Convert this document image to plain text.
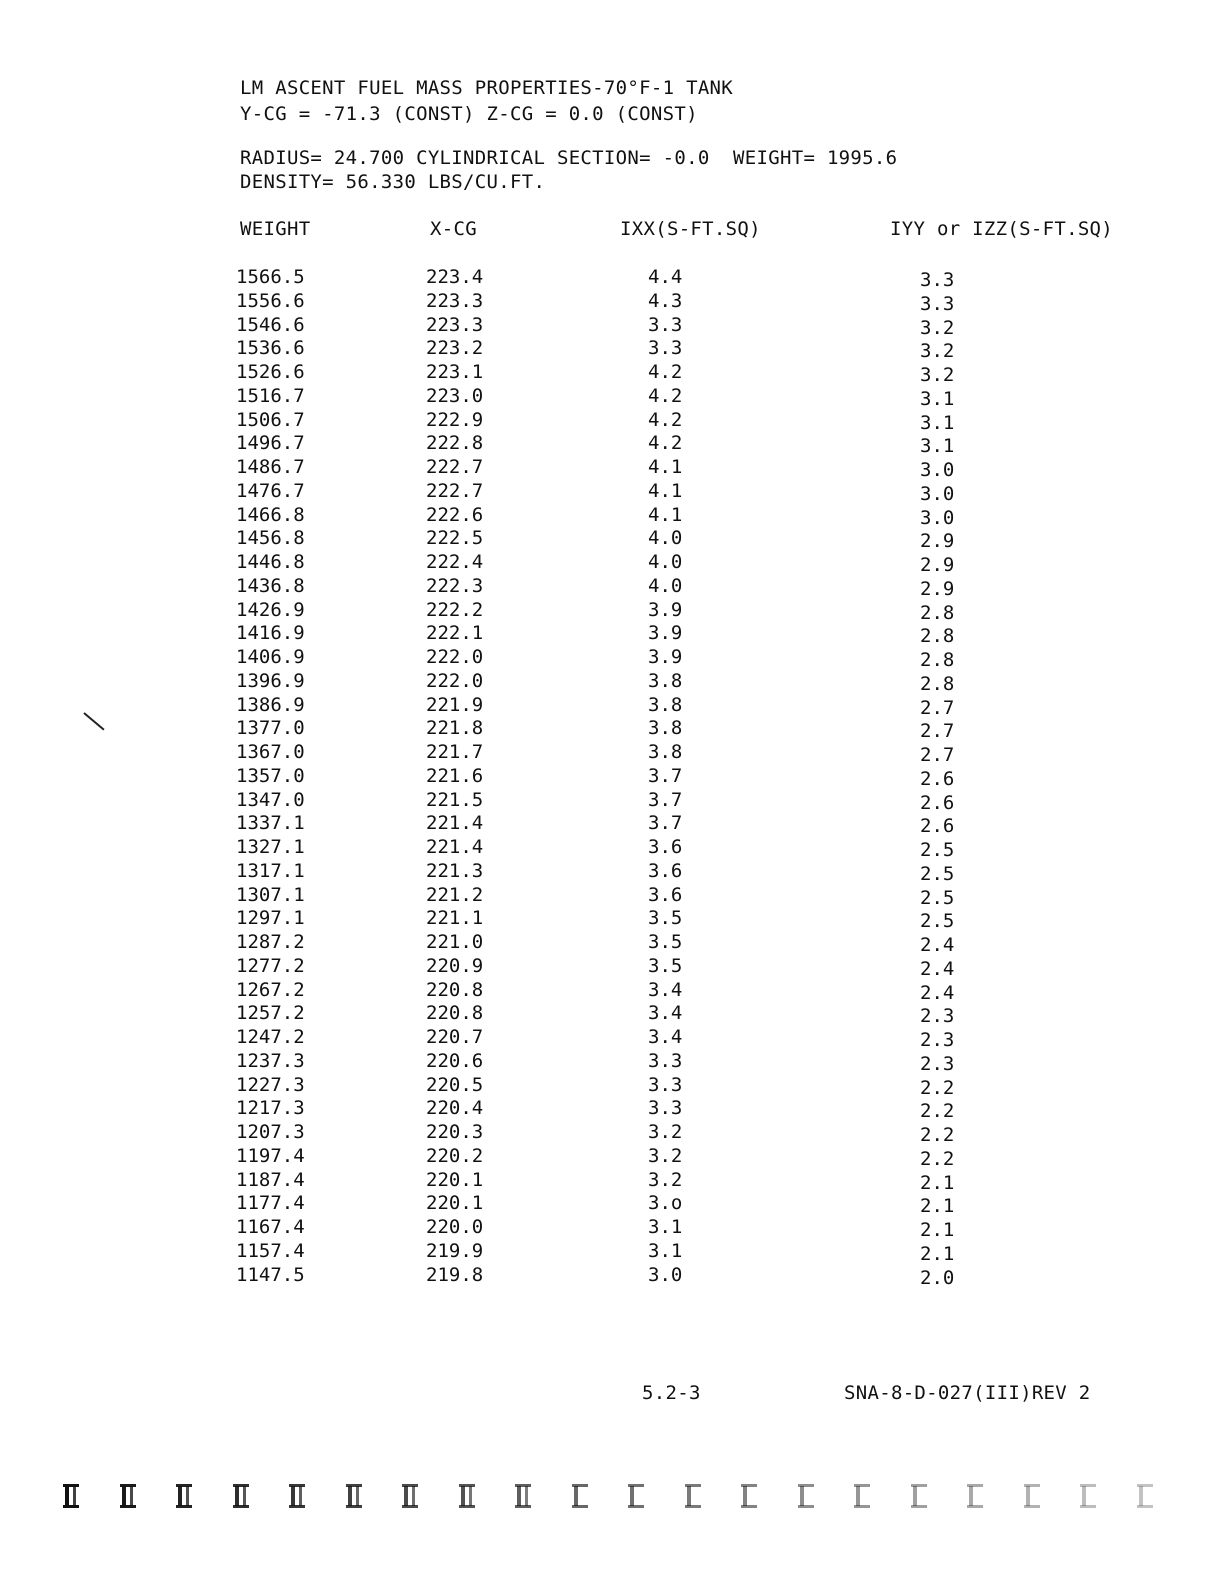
LM ASCENT FUEL MASS PROPERTIES-70°F-1 TANK
Y-CG = -71.3 (CONST) Z-CG = 0.0 (CONST)
RADIUS= 24.700 CYLINDRICAL SECTION= -0.0  WEIGHT= 1995.6
DENSITY= 56.330 LBS/CU.FT.
WEIGHT	X-CG	IXX(S-FT.SQ)	IYY or IZZ(S-FT.SQ)
1566.5	223.4	4.4	3.3
1556.6	223.3	4.3	3.3
1546.6	223.3	3.3	3.2
1536.6	223.2	3.3	3.2
1526.6	223.1	4.2	3.2
1516.7	223.0	4.2	3.1
1506.7	222.9	4.2	3.1
1496.7	222.8	4.2	3.1
1486.7	222.7	4.1	3.0
1476.7	222.7	4.1	3.0
1466.8	222.6	4.1	3.0
1456.8	222.5	4.0	2.9
1446.8	222.4	4.0	2.9
1436.8	222.3	4.0	2.9
1426.9	222.2	3.9	2.8
1416.9	222.1	3.9	2.8
1406.9	222.0	3.9	2.8
1396.9	222.0	3.8	2.8
1386.9	221.9	3.8	2.7
1377.0	221.8	3.8	2.7
1367.0	221.7	3.8	2.7
1357.0	221.6	3.7	2.6
1347.0	221.5	3.7	2.6
1337.1	221.4	3.7	2.6
1327.1	221.4	3.6	2.5
1317.1	221.3	3.6	2.5
1307.1	221.2	3.6	2.5
1297.1	221.1	3.5	2.5
1287.2	221.0	3.5	2.4
1277.2	220.9	3.5	2.4
1267.2	220.8	3.4	2.4
1257.2	220.8	3.4	2.3
1247.2	220.7	3.4	2.3
1237.3	220.6	3.3	2.3
1227.3	220.5	3.3	2.2
1217.3	220.4	3.3	2.2
1207.3	220.3	3.2	2.2
1197.4	220.2	3.2	2.2
1187.4	220.1	3.2	2.1
1177.4	220.1	3.o	2.1
1167.4	220.0	3.1	2.1
1157.4	219.9	3.1	2.1
1147.5	219.8	3.0	2.0
5.2-3	SNA-8-D-027(III)REV 2
